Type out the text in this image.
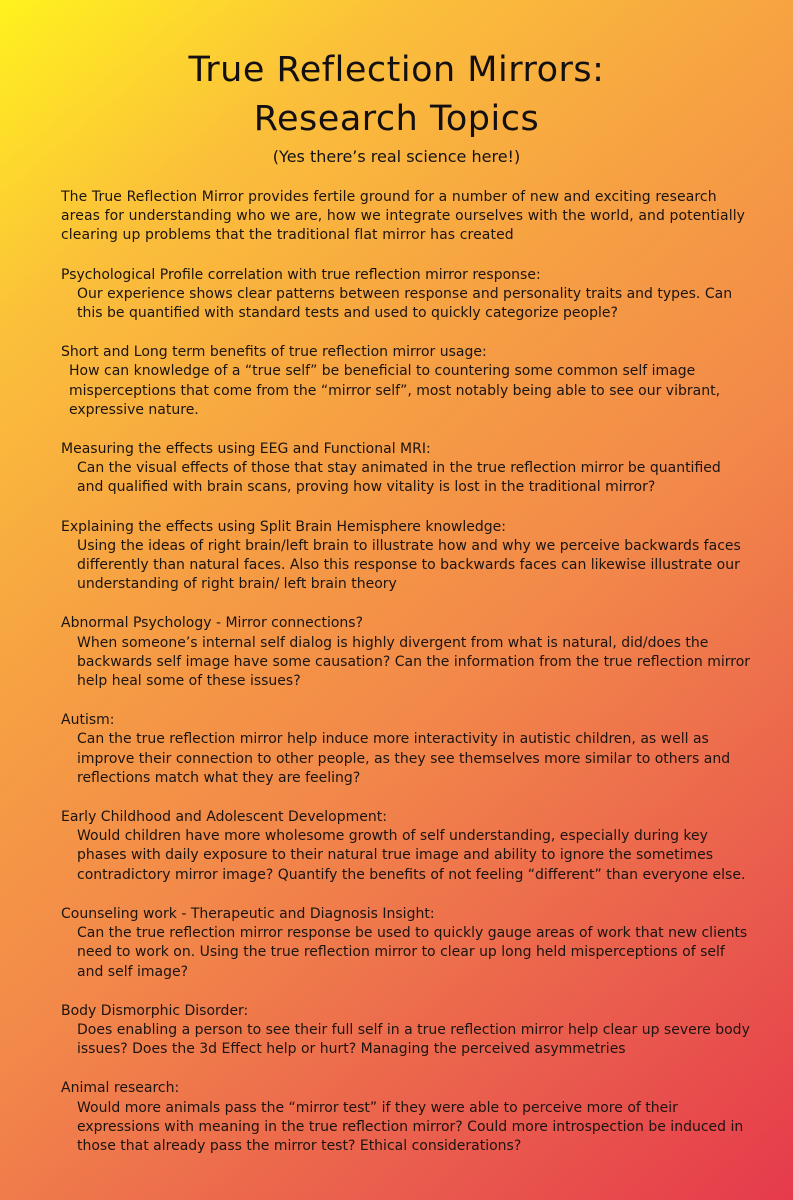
True Reflection Mirrors:
Research Topics
(Yes there’s real science here!)

The True Reflection Mirror provides fertile ground for a number of new and exciting research areas for understanding who we are, how we integrate ourselves with the world, and potentially clearing up problems that the traditional flat mirror has created

Psychological Profile correlation with true reflection mirror response:

Our experience shows clear patterns between response and personality traits and types. Can this be quantified with standard tests and used to quickly categorize people?

Short and Long term benefits of true reflection mirror usage:

How can knowledge of a “true self” be beneficial to countering some common self image misperceptions that come from the “mirror self”, most notably being able to see our vibrant, expressive nature.

Measuring the effects using EEG and Functional MRI:

Can the visual effects of those that stay animated in the true reflection mirror be quantified and qualified with brain scans, proving how vitality is lost in the traditional mirror?

Explaining the effects using Split Brain Hemisphere knowledge:

Using the ideas of right brain/left brain to illustrate how and why we perceive backwards faces differently than natural faces. Also this response to backwards faces can likewise illustrate our understanding of right brain/ left brain theory

Abnormal Psychology - Mirror connections?

When someone’s internal self dialog is highly divergent from what is natural, did/does the backwards self image have some causation? Can the information from the true reflection mirror help heal some of these issues?

Autism:

Can the true reflection mirror help induce more interactivity in autistic children, as well as improve their connection to other people, as they see themselves more similar to others and reflections match what they are feeling?

Early Childhood and Adolescent Development:

Would children have more wholesome growth of self understanding, especially during key phases with daily exposure to their natural true image and ability to ignore the sometimes contradictory mirror image? Quantify the benefits of not feeling “different” than everyone else.

Counseling work - Therapeutic and Diagnosis Insight:

Can the true reflection mirror response be used to quickly gauge areas of work that new clients need to work on. Using the true reflection mirror to clear up long held misperceptions of self and self image?

Body Dismorphic Disorder:

Does enabling a person to see their full self in a true reflection mirror help clear up severe body issues? Does the 3d Effect help or hurt? Managing the perceived asymmetries

Animal research:

Would more animals pass the “mirror test” if they were able to perceive more of their expressions with meaning in the true reflection mirror? Could more introspection be induced in those that already pass the mirror test? Ethical considerations?
